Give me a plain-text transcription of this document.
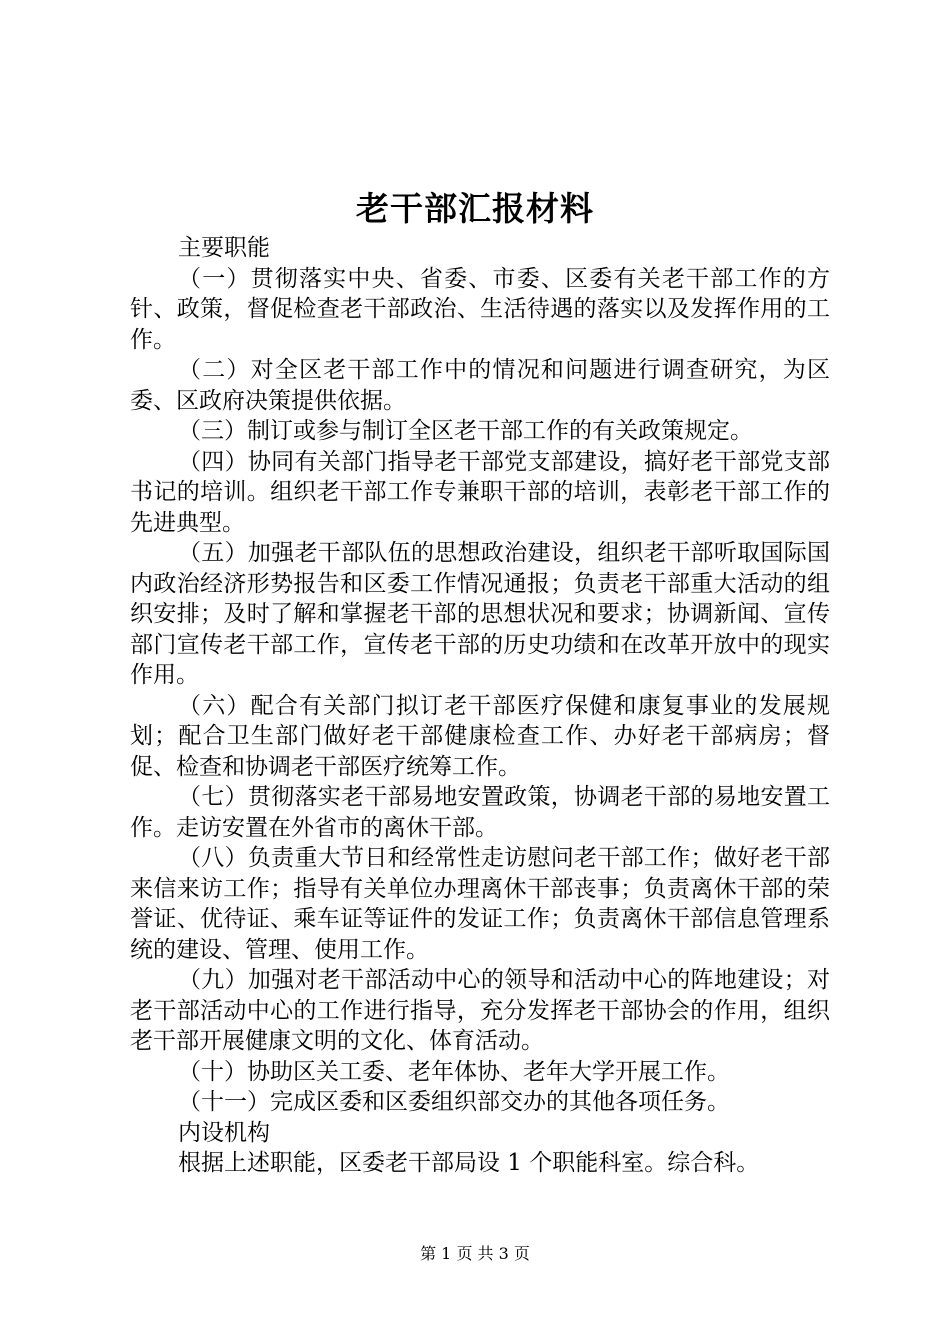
老干部汇报材料

主要职能

（一）贯彻落实中央、省委、市委、区委有关老干部工作的方针、政策，督促检查老干部政治、生活待遇的落实以及发挥作用的工作。

（二）对全区老干部工作中的情况和问题进行调查研究，为区委、区政府决策提供依据。

（三）制订或参与制订全区老干部工作的有关政策规定。

（四）协同有关部门指导老干部党支部建设，搞好老干部党支部书记的培训。组织老干部工作专兼职干部的培训，表彰老干部工作的先进典型。

（五）加强老干部队伍的思想政治建设，组织老干部听取国际国内政治经济形势报告和区委工作情况通报；负责老干部重大活动的组织安排；及时了解和掌握老干部的思想状况和要求；协调新闻、宣传部门宣传老干部工作，宣传老干部的历史功绩和在改革开放中的现实作用。

（六）配合有关部门拟订老干部医疗保健和康复事业的发展规划；配合卫生部门做好老干部健康检查工作、办好老干部病房；督促、检查和协调老干部医疗统筹工作。

（七）贯彻落实老干部易地安置政策，协调老干部的易地安置工作。走访安置在外省市的离休干部。

（八）负责重大节日和经常性走访慰问老干部工作；做好老干部来信来访工作；指导有关单位办理离休干部丧事；负责离休干部的荣誉证、优待证、乘车证等证件的发证工作；负责离休干部信息管理系统的建设、管理、使用工作。

（九）加强对老干部活动中心的领导和活动中心的阵地建设；对老干部活动中心的工作进行指导，充分发挥老干部协会的作用，组织老干部开展健康文明的文化、体育活动。

（十）协助区关工委、老年体协、老年大学开展工作。

（十一）完成区委和区委组织部交办的其他各项任务。

内设机构

根据上述职能，区委老干部局设 1 个职能科室。综合科。

第 1 页 共 3 页
